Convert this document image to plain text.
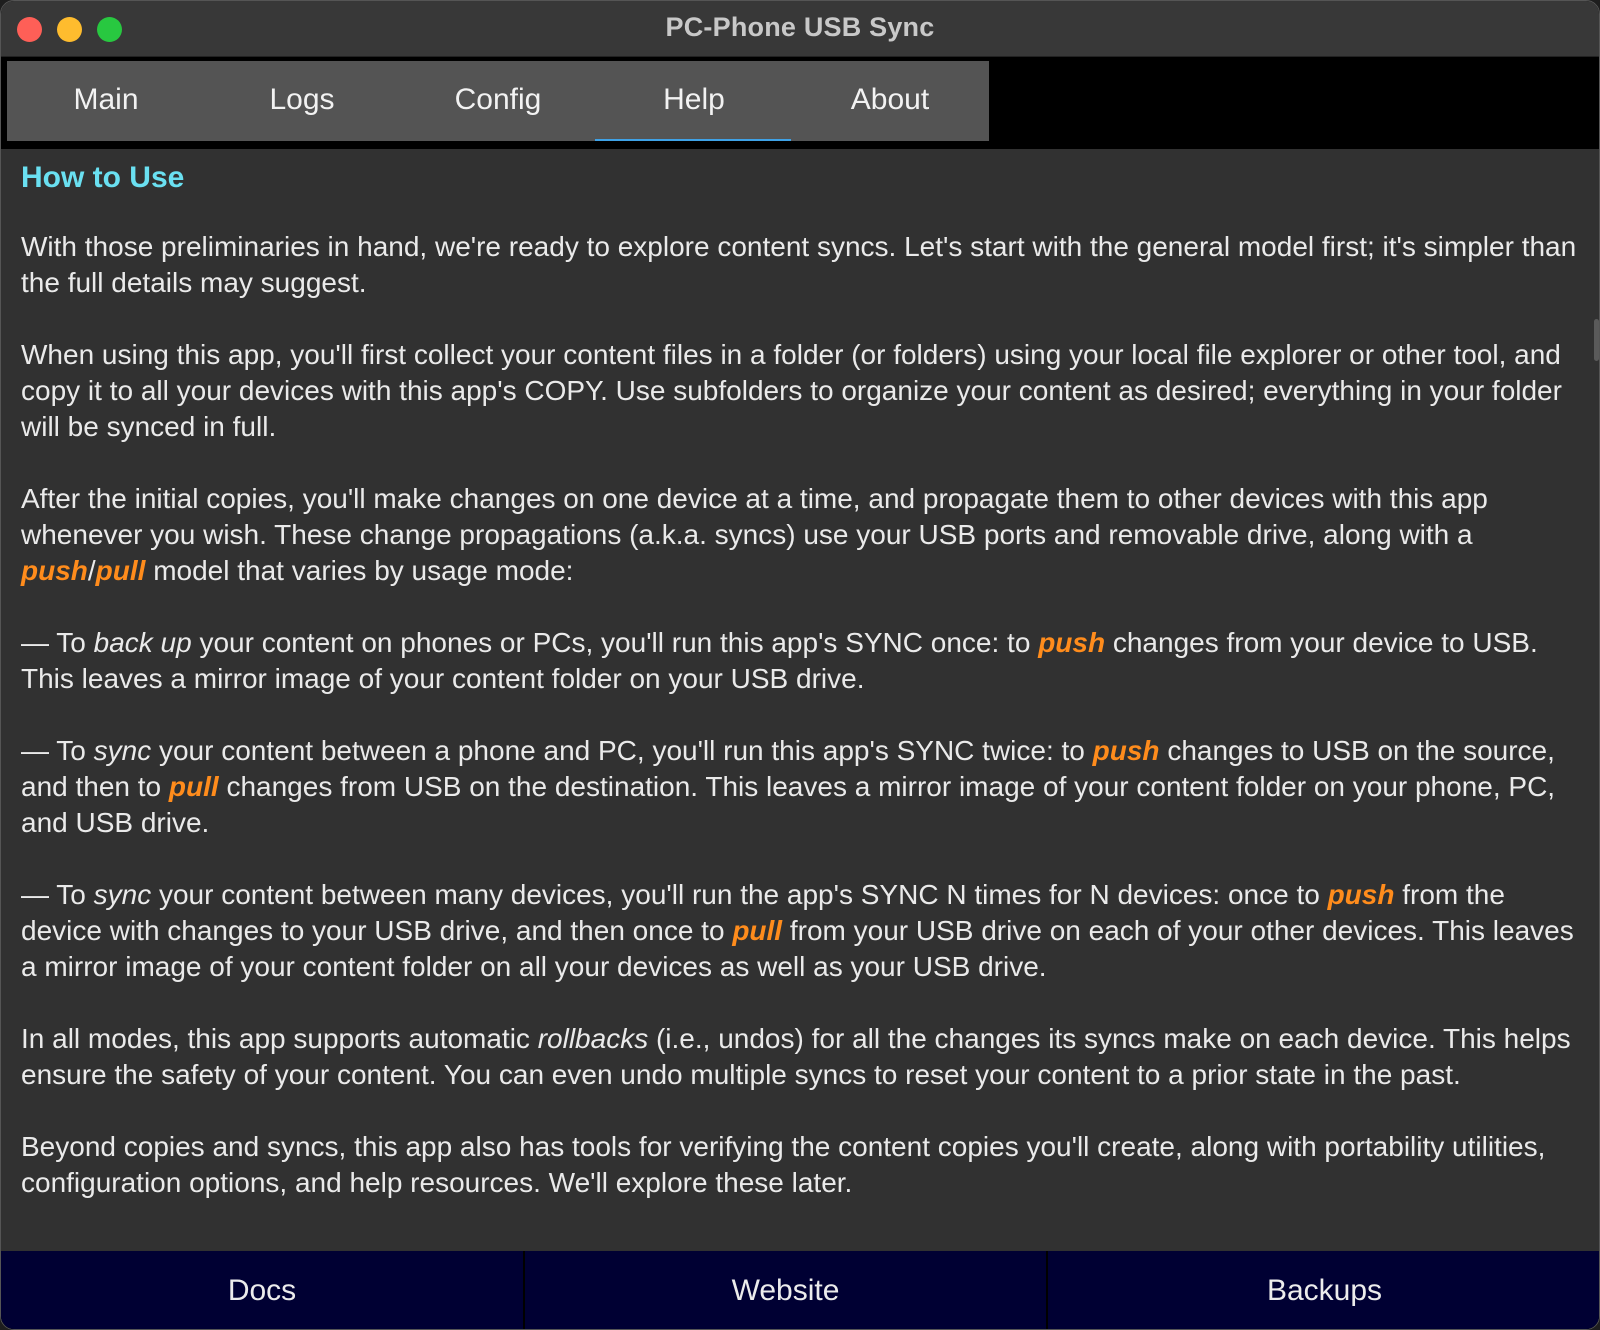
PC-Phone USB Sync
Main	Logs	Config	Help	About
How to Use

With those preliminaries in hand, we're ready to explore content syncs. Let's start with the general model first; it's simpler than the full details may suggest.

When using this app, you'll first collect your content files in a folder (or folders) using your local file explorer or other tool, and copy it to all your devices with this app's COPY. Use subfolders to organize your content as desired; everything in your folder will be synced in full.

After the initial copies, you'll make changes on one device at a time, and propagate them to other devices with this app whenever you wish. These change propagations (a.k.a. syncs) use your USB ports and removable drive, along with a push/pull model that varies by usage mode:

— To back up your content on phones or PCs, you'll run this app's SYNC once: to push changes from your device to USB. This leaves a mirror image of your content folder on your USB drive.

— To sync your content between a phone and PC, you'll run this app's SYNC twice: to push changes to USB on the source, and then to pull changes from USB on the destination. This leaves a mirror image of your content folder on your phone, PC, and USB drive.

— To sync your content between many devices, you'll run the app's SYNC N times for N devices: once to push from the device with changes to your USB drive, and then once to pull from your USB drive on each of your other devices. This leaves a mirror image of your content folder on all your devices as well as your USB drive.

In all modes, this app supports automatic rollbacks (i.e., undos) for all the changes its syncs make on each device. This helps ensure the safety of your content. You can even undo multiple syncs to reset your content to a prior state in the past.

Beyond copies and syncs, this app also has tools for verifying the content copies you'll create, along with portability utilities, configuration options, and help resources. We'll explore these later.

Docs	Website	Backups
